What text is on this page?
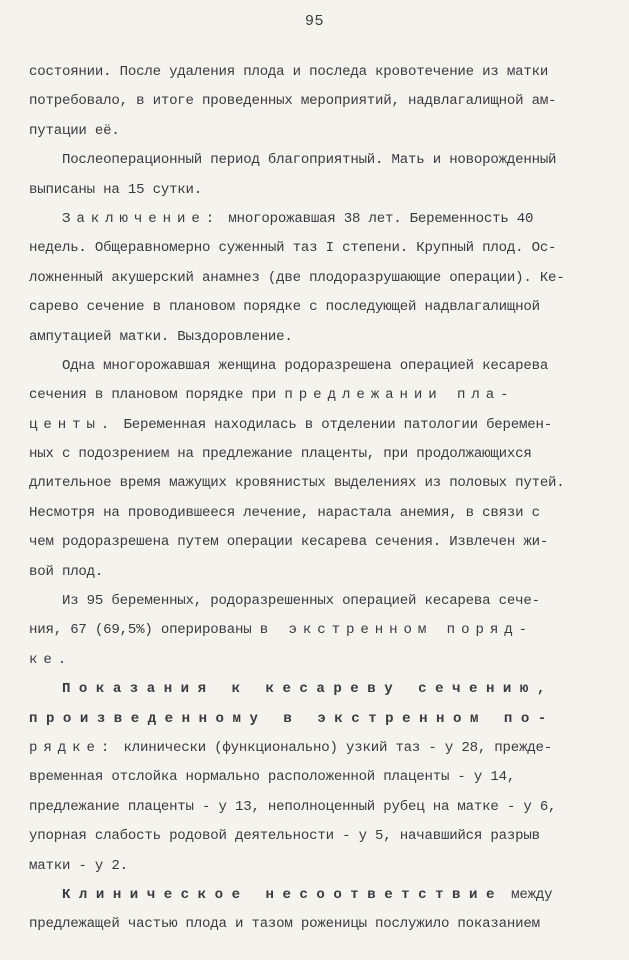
95
состоянии. После удаления плода и последа кровотечение из матки
потребовало, в итоге проведенных мероприятий, надвлагалищной ам-
путации её.
Послеоперационный период благоприятный. Мать и новорожденный
выписаны на 15 сутки.
Заключение: многорожавшая 38 лет. Беременность 40
недель. Общеравномерно суженный таз I степени. Крупный плод. Ос-
ложненный акушерский анамнез (две плодоразрушающие операции). Ке-
сарево сечение в плановом порядке с последующей надвлагалищной
ампутацией матки. Выздоровление.
Одна многорожавшая женщина родоразрешена операцией кесарева
сечения в плановом порядке при предлежании пла-
центы. Беременная находилась в отделении патологии беремен-
ных с подозрением на предлежание плаценты, при продолжающихся
длительное время мажущих кровянистых выделениях из половых путей.
Несмотря на проводившееся лечение, нарастала анемия, в связи с
чем родоразрешена путем операции кесарева сечения. Извлечен жи-
вой плод.
Из 95 беременных, родоразрешенных операцией кесарева сече-
ния, 67 (69,5%) оперированы в экстренном поряд-
ке.
Показания к кесареву сечению,
произведенному в экстренном по-
рядке: клинически (функционально) узкий таз - у 28, прежде-
временная отслойка нормально расположенной плаценты - у 14,
предлежание плаценты - у 13, неполноценный рубец на матке - у 6,
упорная слабость родовой деятельности - у 5, начавшийся разрыв
матки - у 2.
Клиническое несоответствие между
предлежащей частью плода и тазом роженицы послужило показанием
